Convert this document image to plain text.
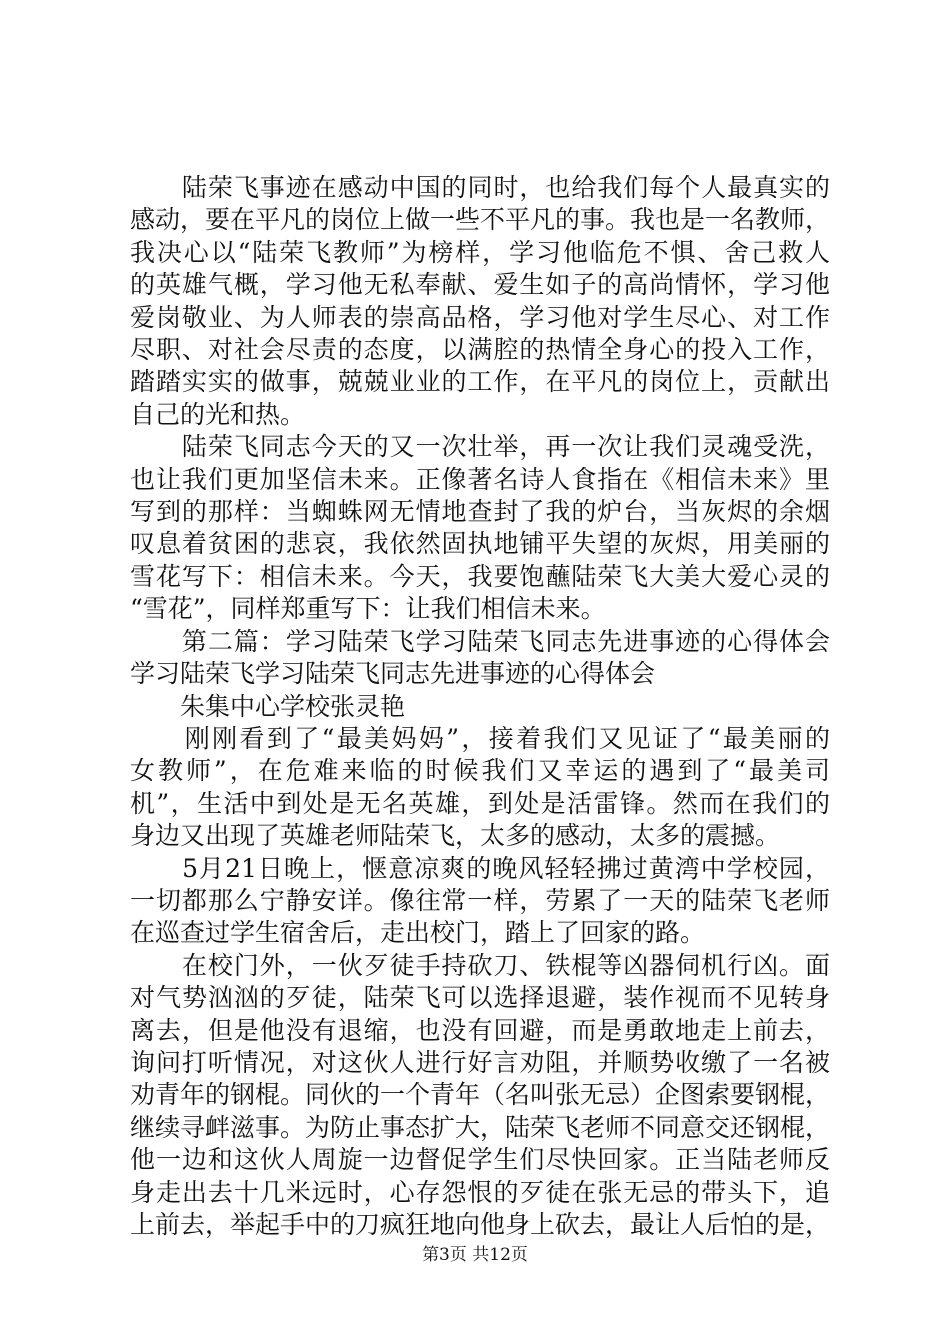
　　陆荣飞事迹在感动中国的同时，也给我们每个人最真实的
感动，要在平凡的岗位上做一些不平凡的事。我也是一名教师，
我决心以“陆荣飞教师”为榜样，学习他临危不惧、舍己救人
的英雄气概，学习他无私奉献、爱生如子的高尚情怀，学习他
爱岗敬业、为人师表的崇高品格，学习他对学生尽心、对工作
尽职、对社会尽责的态度，以满腔的热情全身心的投入工作，
踏踏实实的做事，兢兢业业的工作，在平凡的岗位上，贡献出
自己的光和热。
　　陆荣飞同志今天的又一次壮举，再一次让我们灵魂受洗，
也让我们更加坚信未来。正像著名诗人食指在《相信未来》里
写到的那样：当蜘蛛网无情地查封了我的炉台，当灰烬的余烟
叹息着贫困的悲哀，我依然固执地铺平失望的灰烬，用美丽的
雪花写下：相信未来。今天，我要饱蘸陆荣飞大美大爱心灵的
“雪花”，同样郑重写下：让我们相信未来。
　　第二篇：学习陆荣飞学习陆荣飞同志先进事迹的心得体会
学习陆荣飞学习陆荣飞同志先进事迹的心得体会
　　朱集中心学校张灵艳
　　刚刚看到了“最美妈妈”，接着我们又见证了“最美丽的
女教师”，在危难来临的时候我们又幸运的遇到了“最美司
机”，生活中到处是无名英雄，到处是活雷锋。然而在我们的
身边又出现了英雄老师陆荣飞，太多的感动，太多的震撼。
　　5月21日晚上，惬意凉爽的晚风轻轻拂过黄湾中学校园，
一切都那么宁静安详。像往常一样，劳累了一天的陆荣飞老师
在巡查过学生宿舍后，走出校门，踏上了回家的路。
　　在校门外，一伙歹徒手持砍刀、铁棍等凶器伺机行凶。面
对气势汹汹的歹徒，陆荣飞可以选择退避，装作视而不见转身
离去，但是他没有退缩，也没有回避，而是勇敢地走上前去，
询问打听情况，对这伙人进行好言劝阻，并顺势收缴了一名被
劝青年的钢棍。同伙的一个青年（名叫张无忌）企图索要钢棍，
继续寻衅滋事。为防止事态扩大，陆荣飞老师不同意交还钢棍，
他一边和这伙人周旋一边督促学生们尽快回家。正当陆老师反
身走出去十几米远时，心存怨恨的歹徒在张无忌的带头下，追
上前去，举起手中的刀疯狂地向他身上砍去，最让人后怕的是，
第3页 共12页
